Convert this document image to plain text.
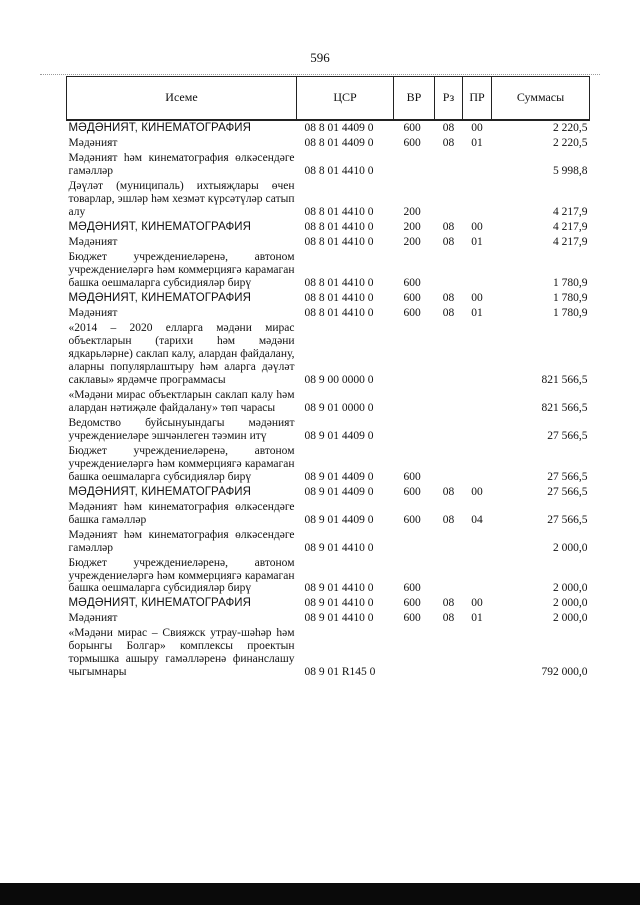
596
Исеме	ЦСР	ВР	Рз	ПР	Суммасы
МӘДӘНИЯТ, КИНЕМАТОГРАФИЯ	08 8 01 4409 0	600	08	00	2 220,5
Мәдәният	08 8 01 4409 0	600	08	01	2 220,5
Мәдәният һәм кинематография өлкәсендәге гамәлләр	08 8 01 4410 0				5 998,8
Дәүләт (муниципаль) ихтыяҗлары өчен товарлар, эшләр һәм хезмәт күрсәтүләр сатып алу	08 8 01 4410 0	200			4 217,9
МӘДӘНИЯТ, КИНЕМАТОГРАФИЯ	08 8 01 4410 0	200	08	00	4 217,9
Мәдәният	08 8 01 4410 0	200	08	01	4 217,9
Бюджет учреждениеләренә, автоном учреждениеләргә һәм коммерциягә карамаган башка оешмаларга субсидияләр бирү	08 8 01 4410 0	600			1 780,9
МӘДӘНИЯТ, КИНЕМАТОГРАФИЯ	08 8 01 4410 0	600	08	00	1 780,9
Мәдәният	08 8 01 4410 0	600	08	01	1 780,9
«2014 – 2020 елларга мәдәни мирас объектларын (тарихи һәм мәдәни ядкарьләрне) саклап калу, алардан файдалану, аларны популярлаштыру һәм аларга дәүләт саклавы» ярдәмче программасы	08 9 00 0000 0				821 566,5
«Мәдәни мирас объектларын саклап калу һәм алардан нәтиҗәле файдалану» төп чарасы	08 9 01 0000 0				821 566,5
Ведомство буйсынуындагы мәдәният учреждениеләре эшчәнлеген тәэмин итү	08 9 01 4409 0				27 566,5
Бюджет учреждениеләренә, автоном учреждениеләргә һәм коммерциягә карамаган башка оешмаларга субсидияләр бирү	08 9 01 4409 0	600			27 566,5
МӘДӘНИЯТ, КИНЕМАТОГРАФИЯ	08 9 01 4409 0	600	08	00	27 566,5
Мәдәният һәм кинематография өлкәсендәге башка гамәлләр	08 9 01 4409 0	600	08	04	27 566,5
Мәдәният һәм кинематография өлкәсендәге гамәлләр	08 9 01 4410 0				2 000,0
Бюджет учреждениеләренә, автоном учреждениеләргә һәм коммерциягә карамаган башка оешмаларга субсидияләр бирү	08 9 01 4410 0	600			2 000,0
МӘДӘНИЯТ, КИНЕМАТОГРАФИЯ	08 9 01 4410 0	600	08	00	2 000,0
Мәдәният	08 9 01 4410 0	600	08	01	2 000,0
«Мәдәни мирас – Свияжск утрау-шәһәр һәм борынгы Болгар» комплексы проектын тормышка ашыру гамәлләренә финанслашу чыгымнары	08 9 01 R145 0				792 000,0
